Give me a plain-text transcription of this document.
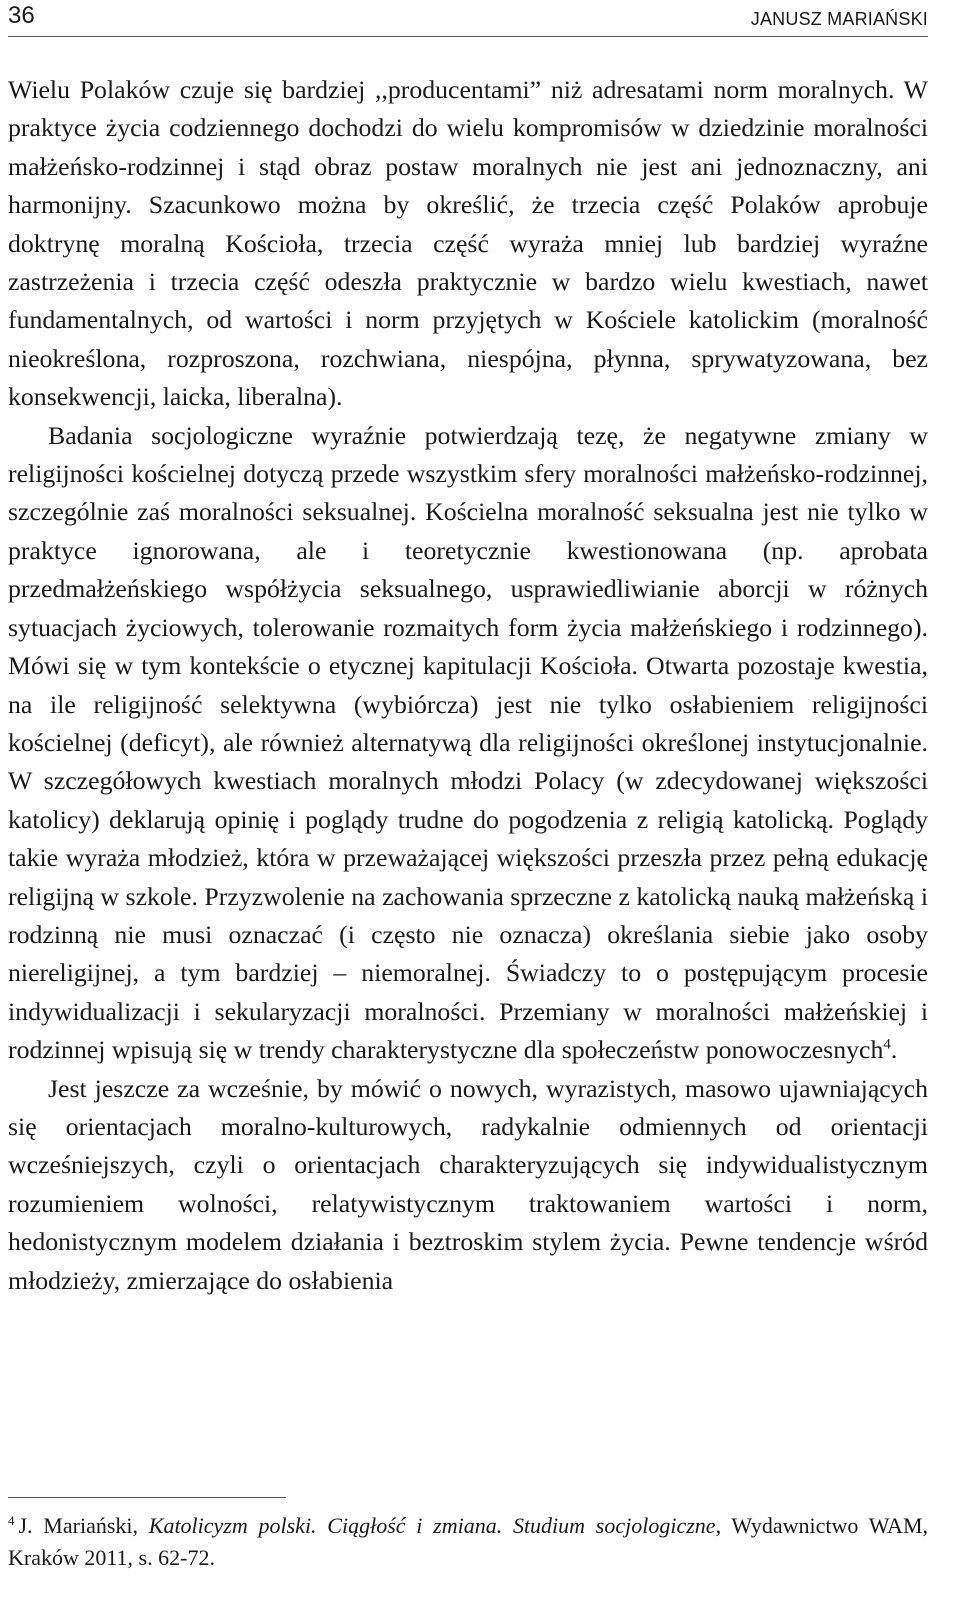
36	JANUSZ MARIAŃSKI

Wielu Polaków czuje się bardziej ,,producentami” niż adresatami norm moralnych. W praktyce życia codziennego dochodzi do wielu kompromisów w dziedzinie moralności małżeńsko-rodzinnej i stąd obraz postaw moralnych nie jest ani jednoznaczny, ani harmonijny. Szacunkowo można by określić, że trzecia część Polaków aprobuje doktrynę moralną Kościoła, trzecia część wyraża mniej lub bardziej wyraźne zastrzeżenia i trzecia część odeszła praktycznie w bardzo wielu kwestiach, nawet fundamentalnych, od wartości i norm przyjętych w Kościele katolickim (moralność nieokreślona, rozproszona, rozchwiana, niespójna, płynna, sprywatyzowana, bez konsekwencji, laicka, liberalna).

Badania socjologiczne wyraźnie potwierdzają tezę, że negatywne zmiany w religijności kościelnej dotyczą przede wszystkim sfery moralności małżeńsko-rodzinnej, szczególnie zaś moralności seksualnej. Kościelna moralność seksualna jest nie tylko w praktyce ignorowana, ale i teoretycznie kwestionowana (np. aprobata przedmałżeńskiego współżycia seksualnego, usprawiedliwianie aborcji w różnych sytuacjach życiowych, tolerowanie rozmaitych form życia małżeńskiego i rodzinnego). Mówi się w tym kontekście o etycznej kapitulacji Kościoła. Otwarta pozostaje kwestia, na ile religijność selektywna (wybiórcza) jest nie tylko osłabieniem religijności kościelnej (deficyt), ale również alternatywą dla religijności określonej instytucjonalnie. W szczegółowych kwestiach moralnych młodzi Polacy (w zdecydowanej większości katolicy) deklarują opinię i poglądy trudne do pogodzenia z religią katolicką. Poglądy takie wyraża młodzież, która w przeważającej większości przeszła przez pełną edukację religijną w szkole. Przyzwolenie na zachowania sprzeczne z katolicką nauką małżeńską i rodzinną nie musi oznaczać (i często nie oznacza) określania siebie jako osoby niereligijnej, a tym bardziej – niemoralnej. Świadczy to o postępującym procesie indywidualizacji i sekularyzacji moralności. Przemiany w moralności małżeńskiej i rodzinnej wpisują się w trendy charakterystyczne dla społeczeństw ponowoczesnych$^4$.

Jest jeszcze za wcześnie, by mówić o nowych, wyrazistych, masowo ujawniających się orientacjach moralno-kulturowych, radykalnie odmiennych od orientacji wcześniejszych, czyli o orientacjach charakteryzujących się indywidualistycznym rozumieniem wolności, relatywistycznym traktowaniem wartości i norm, hedonistycznym modelem działania i beztroskim stylem życia. Pewne tendencje wśród młodzieży, zmierzające do osłabienia

$^4$ J. Mariański, Katolicyzm polski. Ciągłość i zmiana. Studium socjologiczne, Wydawnictwo WAM, Kraków 2011, s. 62-72.
